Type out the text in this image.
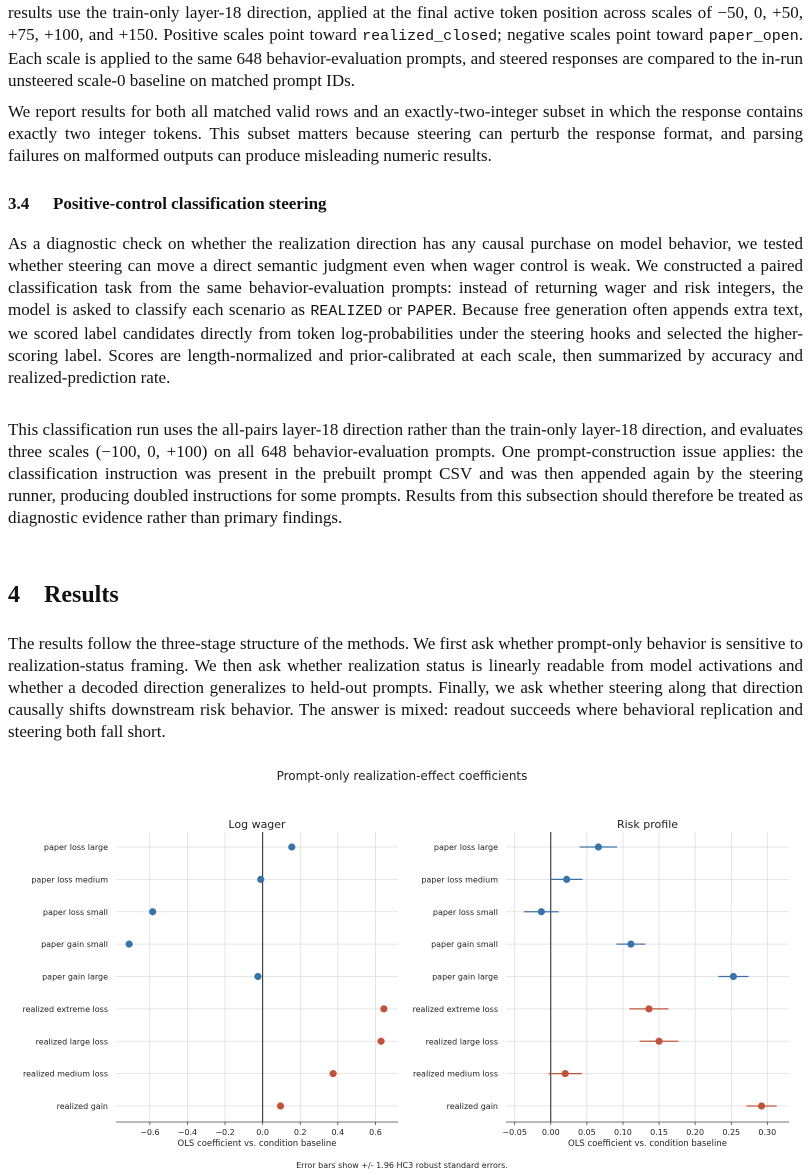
results use the train-only layer-18 direction, applied at the final active token position across scales of −50, 0, +50, +75, +100, and +150. Positive scales point toward realized_closed; negative scales point toward paper_open. Each scale is applied to the same 648 behavior-evaluation prompts, and steered responses are compared to the in-run unsteered scale-0 baseline on matched prompt IDs.

We report results for both all matched valid rows and an exactly-two-integer subset in which the response contains exactly two integer tokens. This subset matters because steering can perturb the response format, and parsing failures on malformed outputs can produce misleading numeric results.

3.4 Positive-control classification steering

As a diagnostic check on whether the realization direction has any causal purchase on model behavior, we tested whether steering can move a direct semantic judgment even when wager control is weak. We constructed a paired classification task from the same behavior-evaluation prompts: instead of returning wager and risk integers, the model is asked to classify each scenario as REALIZED or PAPER. Because free generation often appends extra text, we scored label candidates directly from token log-probabilities under the steering hooks and selected the higher-scoring label. Scores are length-normalized and prior-calibrated at each scale, then summarized by accuracy and realized-prediction rate.

This classification run uses the all-pairs layer-18 direction rather than the train-only layer-18 direction, and evaluates three scales (−100, 0, +100) on all 648 behavior-evaluation prompts. One prompt-construction issue applies: the classification instruction was present in the prebuilt prompt CSV and was then appended again by the steering runner, producing doubled instructions for some prompts. Results from this subsection should therefore be treated as diagnostic evidence rather than primary findings.

4 Results

The results follow the three-stage structure of the methods. We first ask whether prompt-only behavior is sensitive to realization-status framing. We then ask whether realization status is linearly readable from model activations and whether a decoded direction generalizes to held-out prompts. Finally, we ask whether steering along that direction causally shifts downstream risk behavior. The answer is mixed: readout succeeds where behavioral replication and steering both fall short.

Prompt-only realization-effect coefficients
−0.6 −0.4 −0.2	0.0	0.2	0.4	0.6
Log wager
OLS coefficient vs. condition baseline
paper loss large
paper loss medium
paper loss small
paper gain small
paper gain large
realized extreme loss
realized large loss
realized medium loss
realized gain
−0.05 0.00 0.05 0.10 0.15 0.20 0.25 0.30
Risk profile
OLS coefficient vs. condition baseline
paper loss large
paper loss medium
paper loss small
paper gain small
paper gain large
realized extreme loss
realized large loss
realized medium loss
realized gain
Error bars show +/- 1.96 HC3 robust standard errors.
